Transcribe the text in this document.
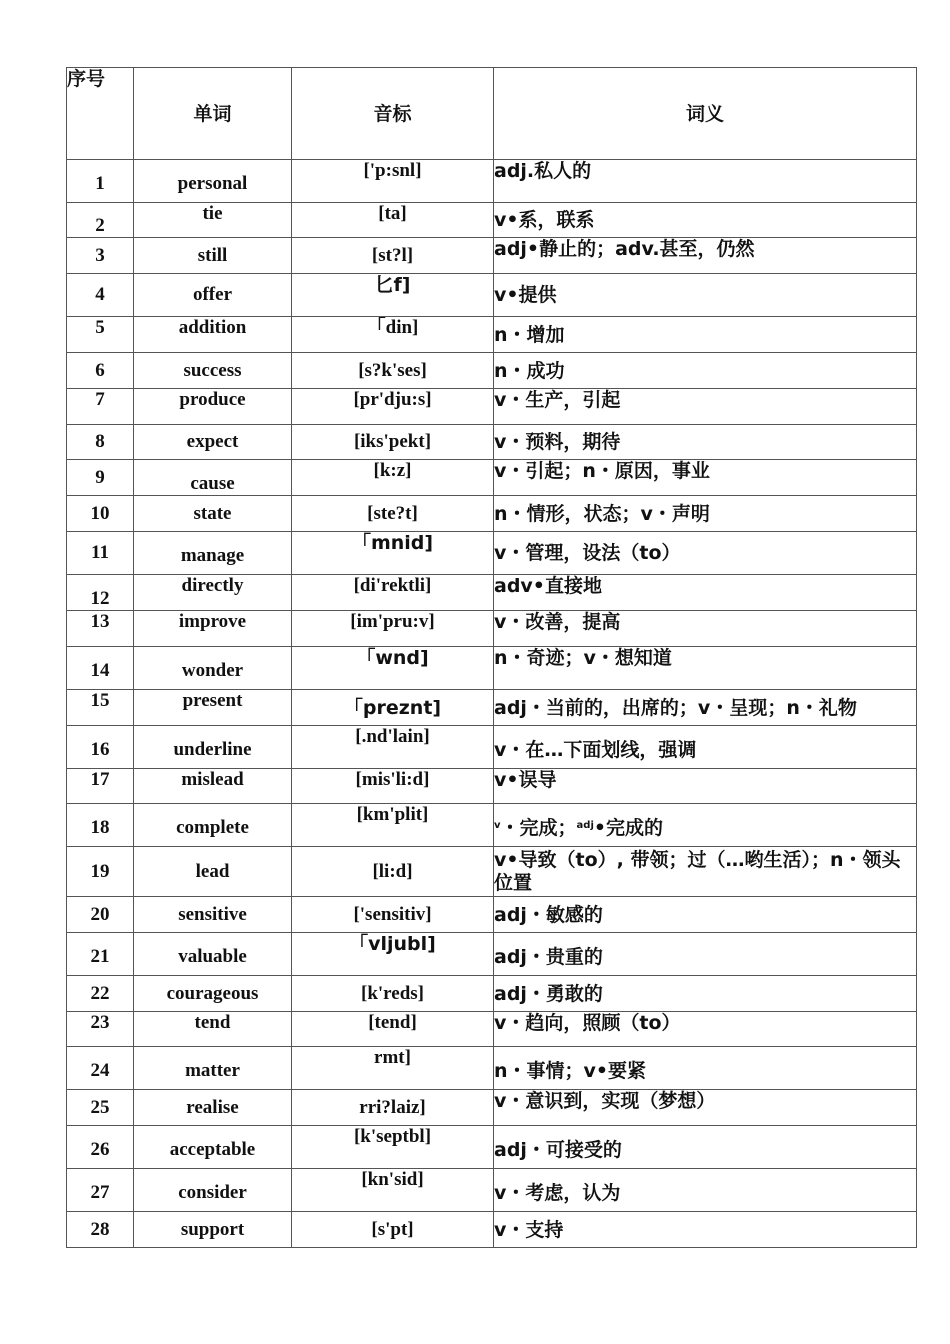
序号	单词	音标	词义
1	personal	['p:snl]	adj.私人的
2	tie	[ta]	v•系，联系
3	still	[st?l]	adj•静止的；adv.甚至，仍然
4	offer	匕f]	v•提供
5	addition	「din]	n・增加
6	success	[s?k'ses]	n・成功
7	produce	[pr'dju:s]	v・生产，引起
8	expect	[iks'pekt]	v・预料，期待
9	cause	[k:z]	v・引起；n・原因，事业
10	state	[ste?t]	n・情形，状态；v・声明
11	manage	「mnid]	v・管理，设法（to）
12	directly	[di'rektli]	adv•直接地
13	improve	[im'pru:v]	v・改善，提高
14	wonder	「wnd]	n・奇迹；v・想知道
15	present	「preznt]	adj・当前的，出席的；v・呈现；n・礼物
16	underline	[.nd'lain]	v・在…下面划线，强调
17	mislead	[mis'li:d]	v•误导
18	complete	[km'plit]	$^v$・完成；$^{adj}$•完成的
19	lead	[li:d]	v•导致（to）, 带领；过（…哟生活）；n・领头位置
20	sensitive	['sensitiv]	adj・敏感的
21	valuable	「vljubl]	adj・贵重的
22	courageous	[k'reds]	adj・勇敢的
23	tend	[tend]	v・趋向，照顾（to）
24	matter	rmt]	n・事情；v•要紧
25	realise	rri?laiz]	v・意识到，实现（梦想）
26	acceptable	[k'septbl]	adj・可接受的
27	consider	[kn'sid]	v・考虑，认为
28	support	[s'pt]	v・支持
